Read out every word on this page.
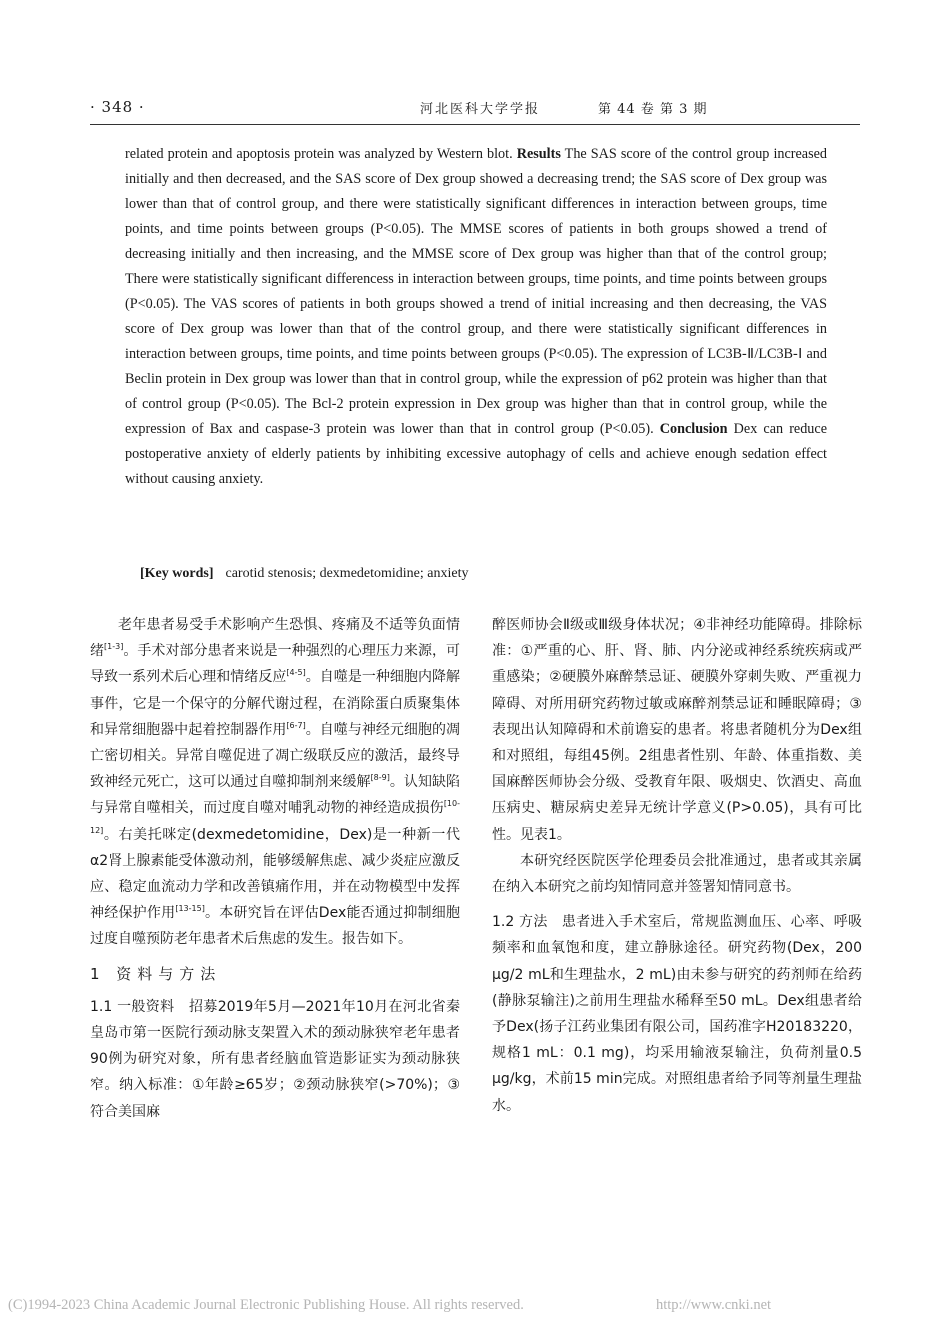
· 348 ·	河北医科大学学报	第 44 卷 第 3 期
related protein and apoptosis protein was analyzed by Western blot. Results The SAS score of the control group increased initially and then decreased, and the SAS score of Dex group showed a decreasing trend; the SAS score of Dex group was lower than that of control group, and there were statistically significant differences in interaction between groups, time points, and time points between groups (P<0.05). The MMSE scores of patients in both groups showed a trend of decreasing initially and then increasing, and the MMSE score of Dex group was higher than that of the control group; There were statistically significant differencess in interaction between groups, time points, and time points between groups (P<0.05). The VAS scores of patients in both groups showed a trend of initial increasing and then decreasing, the VAS score of Dex group was lower than that of the control group, and there were statistically significant differences in interaction between groups, time points, and time points between groups (P<0.05). The expression of LC3B-Ⅱ/LC3B-Ⅰ and Beclin protein in Dex group was lower than that in control group, while the expression of p62 protein was higher than that of control group (P<0.05). The Bcl-2 protein expression in Dex group was higher than that in control group, while the expression of Bax and caspase-3 protein was lower than that in control group (P<0.05). Conclusion Dex can reduce postoperative anxiety of elderly patients by inhibiting excessive autophagy of cells and achieve enough sedation effect without causing anxiety.
[Key words] carotid stenosis; dexmedetomidine; anxiety

老年患者易受手术影响产生恐惧、疼痛及不适等负面情绪[1-3]。手术对部分患者来说是一种强烈的心理压力来源，可导致一系列术后心理和情绪反应[4-5]。自噬是一种细胞内降解事件，它是一个保守的分解代谢过程，在消除蛋白质聚集体和异常细胞器中起着控制器作用[6-7]。自噬与神经元细胞的凋亡密切相关。异常自噬促进了凋亡级联反应的激活，最终导致神经元死亡，这可以通过自噬抑制剂来缓解[8-9]。认知缺陷与异常自噬相关，而过度自噬对哺乳动物的神经造成损伤[10-12]。右美托咪定(dexmedetomidine，Dex)是一种新一代α2肾上腺素能受体激动剂，能够缓解焦虑、减少炎症应激反应、稳定血流动力学和改善镇痛作用，并在动物模型中发挥神经保护作用[13-15]。本研究旨在评估Dex能否通过抑制细胞过度自噬预防老年患者术后焦虑的发生。报告如下。

1 资料与方法

1.1 一般资料 招募2019年5月—2021年10月在河北省秦皇岛市第一医院行颈动脉支架置入术的颈动脉狭窄老年患者90例为研究对象，所有患者经脑血管造影证实为颈动脉狭窄。纳入标准：①年龄≥65岁；②颈动脉狭窄(>70%)；③符合美国麻

醉医师协会Ⅱ级或Ⅲ级身体状况；④非神经功能障碍。排除标准：①严重的心、肝、肾、肺、内分泌或神经系统疾病或严重感染；②硬膜外麻醉禁忌证、硬膜外穿刺失败、严重视力障碍、对所用研究药物过敏或麻醉剂禁忌证和睡眠障碍；③表现出认知障碍和术前谵妄的患者。将患者随机分为Dex组和对照组，每组45例。2组患者性别、年龄、体重指数、美国麻醉医师协会分级、受教育年限、吸烟史、饮酒史、高血压病史、糖尿病史差异无统计学意义(P>0.05)，具有可比性。见表1。

本研究经医院医学伦理委员会批准通过，患者或其亲属在纳入本研究之前均知情同意并签署知情同意书。

1.2 方法 患者进入手术室后，常规监测血压、心率、呼吸频率和血氧饱和度，建立静脉途径。研究药物(Dex，200 μg/2 mL和生理盐水，2 mL)由未参与研究的药剂师在给药(静脉泵输注)之前用生理盐水稀释至50 mL。Dex组患者给予Dex(扬子江药业集团有限公司，国药准字H20183220，规格1 mL：0.1 mg)，均采用输液泵输注，负荷剂量0.5 μg/kg，术前15 min完成。对照组患者给予同等剂量生理盐水。

(C)1994-2023 China Academic Journal Electronic Publishing House. All rights reserved.	http://www.cnki.net
